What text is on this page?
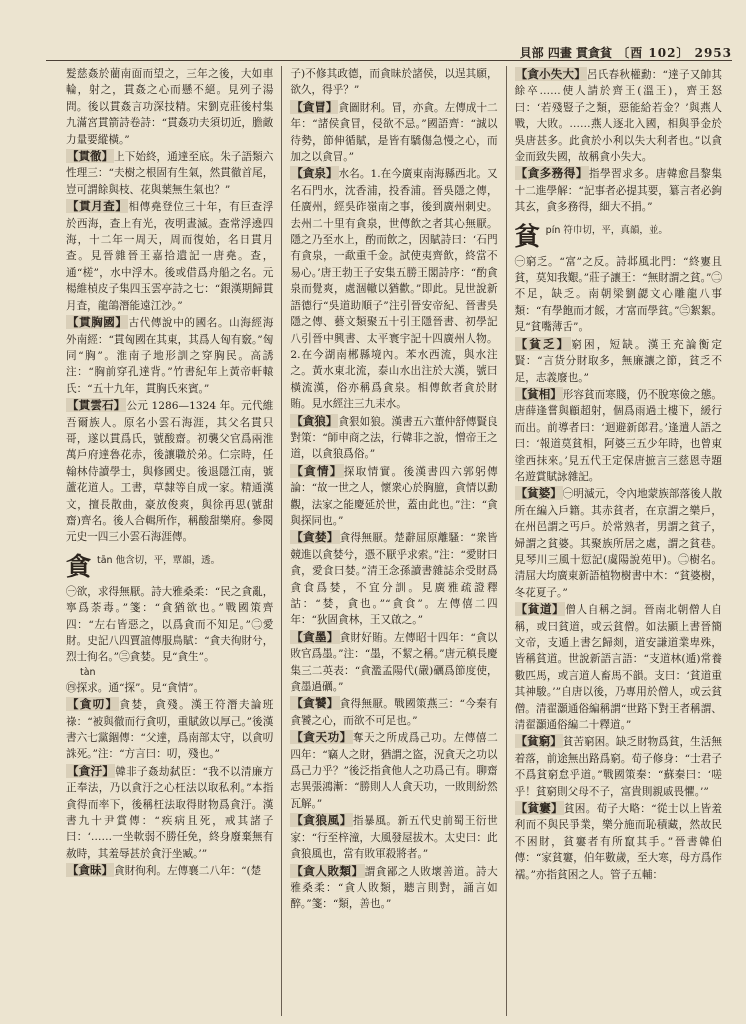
貝部 四畫 貫貪貧 〔酉 102〕 2953

髮慈姦於藺南面而望之，三年之後，大如車輪，射之，貫姦之心而懸不絕。見列子湯問。後以貫姦言功深技精。宋劉克莊後村集九滿宮貫箭詩卷詩：“貫姦功夫須切近，膽敵力量要縱橫。”

【貫徹】上下始終，通達至底。朱子語類六性理三：“夫樹之根固有生氣，然貫徹首尾，豈可謂餘與枝、花與葉無生氣也？”

【貫月査】相傳堯登位三十年，有巨查浮於西海，查上有光，夜明晝滅。查常浮遶四海，十二年一周天，周而復始，名日貫月查。見晉雜晉王嘉拾遺記一唐堯。查，通“槎”，水中浮木。後或借爲舟船之名。元楊維楨皮子集四玉雲亭詩之七：“銀漢期歸貫月査，龍鴿潛能遠江沙。”

【貫胸國】古代傳說中的國名。山海經海外南經：“貫匈國在其東，其爲人匈有竅。”匈同“胸”。淮南子地形訓之穿胸民。高誘注：“胸前穿孔達背。”竹書紀年上黃帝軒轅氏：“五十九年，貫胸氏來賓。”

【貫雲石】公元 1286—1324 年。元代維吾爾族人。原名小雲石海涯，其父名貫只哥，遂以貫爲氏，號酸齋。初襲父官爲兩淮萬戶府達魯花赤，後讓職於弟。仁宗時，任翰林侍讀學士，與修國史。後退隱江南，號蘆花道人。工書，草隸等自成一家。精通漢文，擅長散曲，豪放俊爽，與徐再思(號甜齋)齊名。後人合輯所作，稱酸甜樂府。參閱元史一四三小雲石海涯傳。

貪 tān 他含切，平，覃韻，透。

㊀欲，求得無厭。詩大雅桑柔：“民之貪亂，寧爲荼毒。”箋：“貪猶欲也。”戰國策齊四：“左右皆惡之，以爲貪而不知足。”㊁愛財。史記八四賈誼傳服鳥賦：“貪夫徇財兮，烈士徇名。”㊂貪婪。見“貪生”。

tàn

㊃探求。通“探”。見“貪情”。

【貪叨】貪婪，貪殘。漢王符潛夫論班祿：“被與徹而行貪叨，重賦敛以厚己。”後漢書六七黨錮傳：“父達，爲南部太守，以貪叨誅死。”注：“方言曰：叨，殘也。”

【貪汙】韓非子姦劫弑臣：“我不以清廉方正奉法，乃以貪汙之心枉法以取私利。”本指貪得而率下，後稱枉法取得財物爲貪汙。漢書九十尹賞傳：“疾病且死，戒其諸子曰：‘……一坐軟弱不勝任免，終身廢棄無有赦時，其羞辱甚於貪汙坐臧。’”

【貪昧】貪財徇利。左傳襄二八年：“(楚

子)不修其政德，而貪昧於諸侯，以逞其願，欲久，得乎？”

【貪冒】貪圖財利。冒，亦貪。左傳成十二年：“諸侯貪冒，侵欲不忌。”國語齊：“誠以待勢，節伸循賦，是皆有驕傷急慢之心，而加之以貪冒。”

【貪泉】水名。1.在今廣東南海縣西北。又名石門水，沈香浦，投香浦。晉吳隱之傳，任廣州，經吳砟嶺南之事，後到廣州刺史。去州二十里有貪泉，世傳飲之者其心無厭。隱之乃至水上，酌而飲之，因賦詩曰：‘石門有貪泉，一歃重千金。試使夷齊飲，終當不易心。’唐王勃王子安集五勝王閣詩序：“酌貪泉而覺爽，處涸轍以猶歡。”即此。見世說新語德行“吳道助順子”注引晉安帝紀、晉書吳隱之傳、藝文類聚五十引王隱晉書、初學記八引晉中興書、太平寰宇記十四廣州人物。2.在今湖南郴縣境內。苯水西流，與水注之。黃水東北流，泰山水出注於大漢，號曰橫流漢，俗亦稱爲貪泉。相傳飲者貪於財賄。見水經注三九耒水。

【貪狼】貪狠如狼。漢書五六董仲舒傳賢良對策：“師申商之法，行韓非之說，憎帝王之道，以貪狼爲俗。”

【貪情】探取情實。後漢書四六郭躬傳論：“故一世之人，懷衆心於胸臆，貪情以勳觀，法家之能慶延於世，蓋由此也。”注：“貪與探同也。”

【貪婪】貪得無厭。楚辭屈原離騷：“衆皆競進以貪婪兮，憑不厭乎求索。”注：“愛財曰貪，愛食曰婪。”清王念孫讀書雜誌余受財爲貪食爲婪，不宜分訓。見廣雅疏證釋詁：“婪，貪也。”“貪食”。左傳僖二四年：“狄固貪林，王又啟之。”

【貪墨】貪財好賄。左傳昭十四年：“貪以敗官爲墨。”注：“墨，不絜之稱。”唐元稹長慶集三二英表：“貪濫孟陽代(嚴)礪爲節度使，貪墨過礪。”

【貪饕】貪得無厭。戰國策燕三：“今秦有貪饕之心，而欲不可足也。”

【貪天功】奪天之所成爲己功。左傳僖二四年：“竊人之財，猶謂之盜，況貪天之功以爲己力乎？”後泛指貪他人之功爲己有。聊齋志異張鴻漸：“勝則人人貪天功，一敗則紛然瓦解。”

【貪狼風】指暴風。新五代史前蜀王衍世家：“行至梓潼，大風發屋拔木。太史曰：此貪狼風也，當有敗軍殺將者。”

【貪人敗類】謂貪鄙之人敗壞善道。詩大雅桑柔：“貪人敗類，聽言則對，誦言如醉。”箋：“類，善也。”

【貪小失大】呂氏春秋權勳：“達子又帥其餘卒……使人請於齊王(溫王)，齊王怒曰：‘若殘豎子之類，惡能給若金？’與燕人戰，大敗。……燕人逐北入國，相與爭金於吳唐甚多。此貪於小利以失大利者也。”以貪金而致失國，故稱貪小失大。

【貪多務得】指學習求多。唐韓愈昌黎集十二進學解：“記事者必提其要，纂言者必鉤其玄，貪多務得，細大不捐。”

貧 pín 符巾切，平，真韻，並。

㊀窮乏。“富”之反。詩邶風北門：“終寠且貧，莫知我艱。”莊子讓王：“無財謂之貧。”㊁不足，缺乏。南朝梁劉勰文心雕龍八事類：“有學飽而才餒，才富而學貧。”㊂絮絮。見“貧嘴薄舌”。

【貧乏】窮困，短缺。漢王充論衡定賢：“言货分財取多，無廉讓之節，貧乏不足，志義廢也。”

【貧相】形容貧而寒賤，仍不脫寒儉之態。唐薛逢嘗與顧超射，個爲雨過土樓下，緩行而出。前導者曰：‘迴避新郎君。’逢遣人語之曰：‘報道莫貧相，阿婆三五少年時，也曾東塗西抹來。’見五代王定保唐摭言三慈恩寺題名遊賞賦詠雜記。

【貧婆】㊀明滅元，令內地蒙族部落後人散所在編入戶籍。其赤貧者，在京謂之樂戶，在州邑謂之丐戶。於常熟者，男謂之貧子，婦謂之貧婆。其聚族所居之處，謂之貧巷。見琴川三風十愆記(虞陽說苑甲)。㊁樹名。清屈大均廣東新語植物樹書中木：“貧婆樹，冬花夏子。”

【貧道】僧人自稱之詞。晉南北朝僧人自稱，或曰貧道，或云貧僧。如法顯上書晉簡文帝，支遁上書乞歸剡，道安謙道業卑殊，皆稱貧道。世說新語言語：“支道林(遁)常養數匹馬，或言道人畜馬不韻。支曰：‘貧道重其神駿。’”自唐以後，乃專用於僧人，或云貧僧。清翟灝通俗編稱謂“世路下對王者稱謂、清翟灝通俗編二十釋道。”

【貧窮】貧苦窮困。缺乏財物爲貧，生活無着落，前途無出路爲窮。荀子修身：“士君子不爲貧窮怠乎道。”戰國策秦：“蘇秦曰：‘嗟乎！貧窮則父母不子，富貴則親戚畏懼。’”

【貧窶】貧困。荀子大略：“從士以上皆羞利而不與民爭業，樂分施而恥積藏，然故民不困財，貧窶者有所竄其手。”晉書韓伯傳：“家貧窶，伯年數歲，至大寒，母方爲作襦。”亦指貧困之人。管子五輔：
